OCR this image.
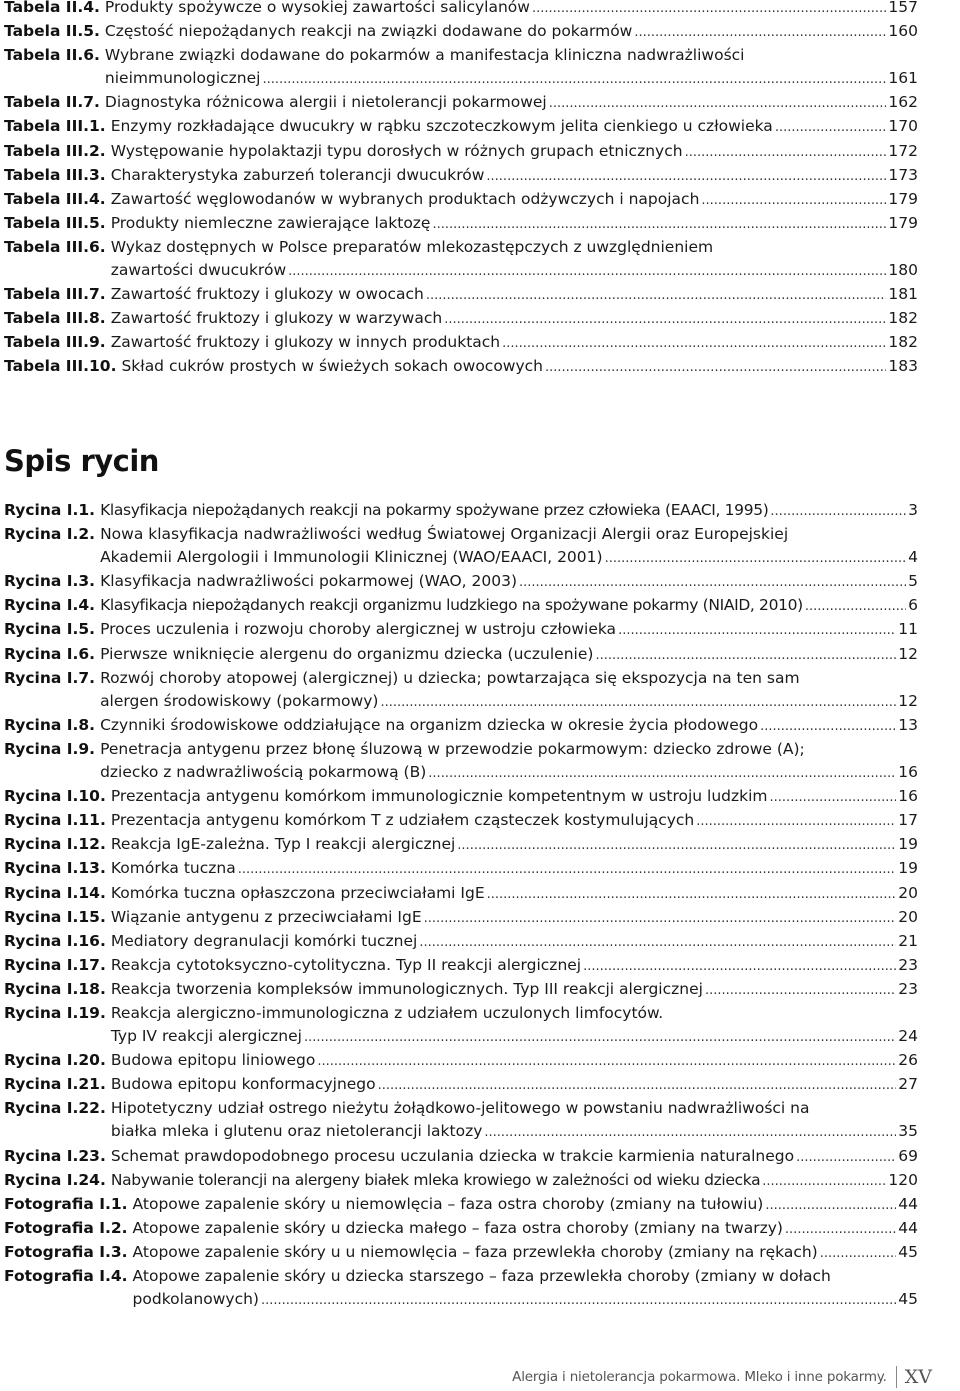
Tabela II.4. Produkty spożywcze o wysokiej zawartości salicylanów .....	157
Tabela II.5. Częstość niepożądanych reakcji na związki dodawane do pokarmów .....	160
Tabela II.6. Wybrane związki dodawane do pokarmów a manifestacja kliniczna nadwrażliwości
nieimmunologicznej .....	161
Tabela II.7. Diagnostyka różnicowa alergii i nietolerancji pokarmowej .....	162
Tabela III.1. Enzymy rozkładające dwucukry w rąbku szczoteczkowym jelita cienkiego u człowieka .....	170
Tabela III.2. Występowanie hypolaktazji typu dorosłych w różnych grupach etnicznych .....	172
Tabela III.3. Charakterystyka zaburzeń tolerancji dwucukrów .....	173
Tabela III.4. Zawartość węglowodanów w wybranych produktach odżywczych i napojach .....	179
Tabela III.5. Produkty niemleczne zawierające laktozę .....	179
Tabela III.6. Wykaz dostępnych w Polsce preparatów mlekozastępczych z uwzględnieniem
zawartości dwucukrów .....	180
Tabela III.7. Zawartość fruktozy i glukozy w owocach .....	181
Tabela III.8. Zawartość fruktozy i glukozy w warzywach .....	182
Tabela III.9. Zawartość fruktozy i glukozy w innych produktach .....	182
Tabela III.10. Skład cukrów prostych w świeżych sokach owocowych .....	183
Spis rycin
Rycina I.1. Klasyfikacja niepożądanych reakcji na pokarmy spożywane przez człowieka (EAACI, 1995) .....	3
Rycina I.2. Nowa klasyfikacja nadwrażliwości według Światowej Organizacji Alergii oraz Europejskiej
Akademii Alergologii i Immunologii Klinicznej (WAO/EAACI, 2001) .....	4
Rycina I.3. Klasyfikacja nadwrażliwości pokarmowej (WAO, 2003) .....	5
Rycina I.4. Klasyfikacja niepożądanych reakcji organizmu ludzkiego na spożywane pokarmy (NIAID, 2010) .....	6
Rycina I.5. Proces uczulenia i rozwoju choroby alergicznej w ustroju człowieka .....	11
Rycina I.6. Pierwsze wniknięcie alergenu do organizmu dziecka (uczulenie) .....	12
Rycina I.7. Rozwój choroby atopowej (alergicznej) u dziecka; powtarzająca się ekspozycja na ten sam
alergen środowiskowy (pokarmowy) .....	12
Rycina I.8. Czynniki środowiskowe oddziałujące na organizm dziecka w okresie życia płodowego .....	13
Rycina I.9. Penetracja antygenu przez błonę śluzową w przewodzie pokarmowym: dziecko zdrowe (A);
dziecko z nadwrażliwością pokarmową (B) .....	16
Rycina I.10. Prezentacja antygenu komórkom immunologicznie kompetentnym w ustroju ludzkim .....	16
Rycina I.11. Prezentacja antygenu komórkom T z udziałem cząsteczek kostymulujących .....	17
Rycina I.12. Reakcja IgE-zależna. Typ I reakcji alergicznej .....	19
Rycina I.13. Komórka tuczna .....	19
Rycina I.14. Komórka tuczna opłaszczona przeciwciałami IgE .....	20
Rycina I.15. Wiązanie antygenu z przeciwciałami IgE .....	20
Rycina I.16. Mediatory degranulacji komórki tucznej .....	21
Rycina I.17. Reakcja cytotoksyczno-cytolityczna. Typ II reakcji alergicznej .....	23
Rycina I.18. Reakcja tworzenia kompleksów immunologicznych. Typ III reakcji alergicznej .....	23
Rycina I.19. Reakcja alergiczno-immunologiczna z udziałem uczulonych limfocytów.
Typ IV reakcji alergicznej .....	24
Rycina I.20. Budowa epitopu liniowego .....	26
Rycina I.21. Budowa epitopu konformacyjnego .....	27
Rycina I.22. Hipotetyczny udział ostrego nieżytu żołądkowo-jelitowego w powstaniu nadwrażliwości na
białka mleka i glutenu oraz nietolerancji laktozy .....	35
Rycina I.23. Schemat prawdopodobnego procesu uczulania dziecka w trakcie karmienia naturalnego .....	69
Rycina I.24. Nabywanie tolerancji na alergeny białek mleka krowiego w zależności od wieku dziecka .....	120
Fotografia I.1. Atopowe zapalenie skóry u niemowlęcia – faza ostra choroby (zmiany na tułowiu) .....	44
Fotografia I.2. Atopowe zapalenie skóry u dziecka małego – faza ostra choroby (zmiany na twarzy) .....	44
Fotografia I.3. Atopowe zapalenie skóry u u niemowlęcia – faza przewlekła choroby (zmiany na rękach) .....	45
Fotografia I.4. Atopowe zapalenie skóry u dziecka starszego – faza przewlekła choroby (zmiany w dołach
podkolanowych) .....	45
Alergia i nietolerancja pokarmowa. Mleko i inne pokarmy. XV
